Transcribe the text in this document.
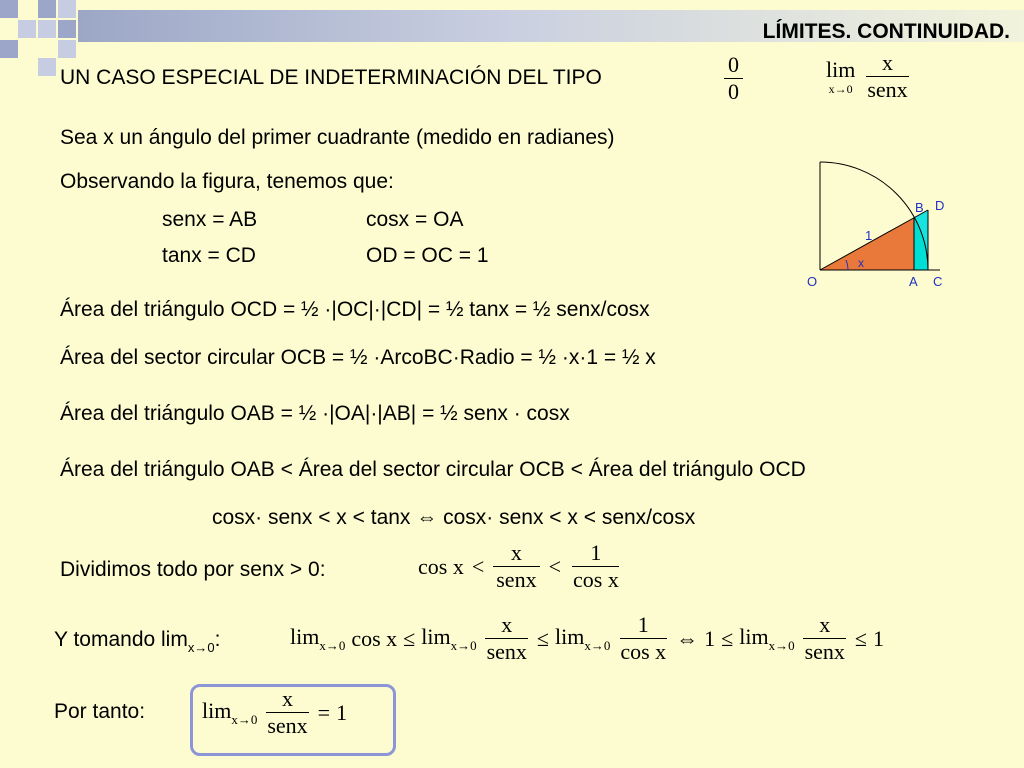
LÍMITES. CONTINUIDAD.
UN CASO ESPECIAL DE INDETERMINACIÓN DEL TIPO	$\frac{0}{0}$	lim
$x\to 0 \frac{x}{\text{senx}}$
Sea x un ángulo del primer cuadrante (medido en radianes)
Observando la figura, tenemos que:
senx = AB	cosx = OA
tanx = CD	OD = OC = 1
B D
O	A C
1
x
Área del triángulo OCD = ½ ·|OC|·|CD| = ½ tanx = ½ senx/cosx
Área del sector circular OCB = ½ ·ArcoBC·Radio = ½ ·x·1 = ½ x
Área del triángulo OAB = ½ ·|OA|·|AB| = ½ senx · cosx
Área del triángulo OAB < Área del sector circular OCB < Área del triángulo OCD
cosx· senx < x < tanx ⇔ cosx· senx < x < senx/cosx
Dividimos todo por senx > 0:	$\cos x < \frac{x}{\text{senx}} < \frac{1}{\text{cos x}}$
Y tomando $\lim_{x\to 0}$:	$\lim_{x\to 0} \cos x \le \lim_{x\to 0} \frac{x}{\text{senx}} \le \lim_{x\to 0} \frac{1}{\text{cos x}}$ ⇔ $1 \le \lim_{x\to 0} \frac{x}{\text{senx}} \le 1$
Por tanto:	$\lim_{x\to 0} \frac{x}{\text{senx}} = 1$
